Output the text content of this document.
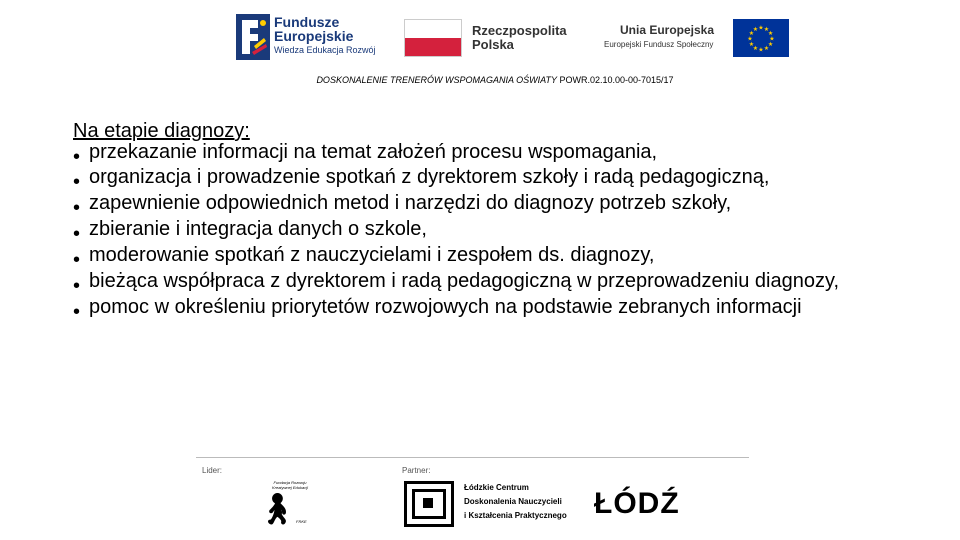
Fundusze
Europejskie
Wiedza Edukacja Rozwój
Rzeczpospolita
Polska
Unia Europejska
Europejski Fundusz Społeczny
★
★
★
★
★
★
★
★
★ ★ ★
★
DOSKONALENIE TRENERÓW WSPOMAGANIA OŚWIATY POWR.02.10.00-00-7015/17
Na etapie diagnozy:
• przekazanie informacji na temat założeń procesu wspomagania,
• organizacja i prowadzenie spotkań z dyrektorem szkoły i radą pedagogiczną,
• zapewnienie odpowiednich metod i narzędzi do diagnozy potrzeb szkoły,
• zbieranie i integracja danych o szkole,
• moderowanie spotkań z nauczycielami i zespołem ds. diagnozy,
• bieżąca współpraca z dyrektorem i radą pedagogiczną w przeprowadzeniu diagnozy,
• pomoc w określeniu priorytetów rozwojowych na podstawie zebranych informacji
Lider:	Partner:
Fundacja Rozwoju
Kreatywnej Edukacji
🚶︎ FRKE
Łódzkie Centrum
Doskonalenia Nauczycieli
i Kształcenia Praktycznego ŁÓDŹ
